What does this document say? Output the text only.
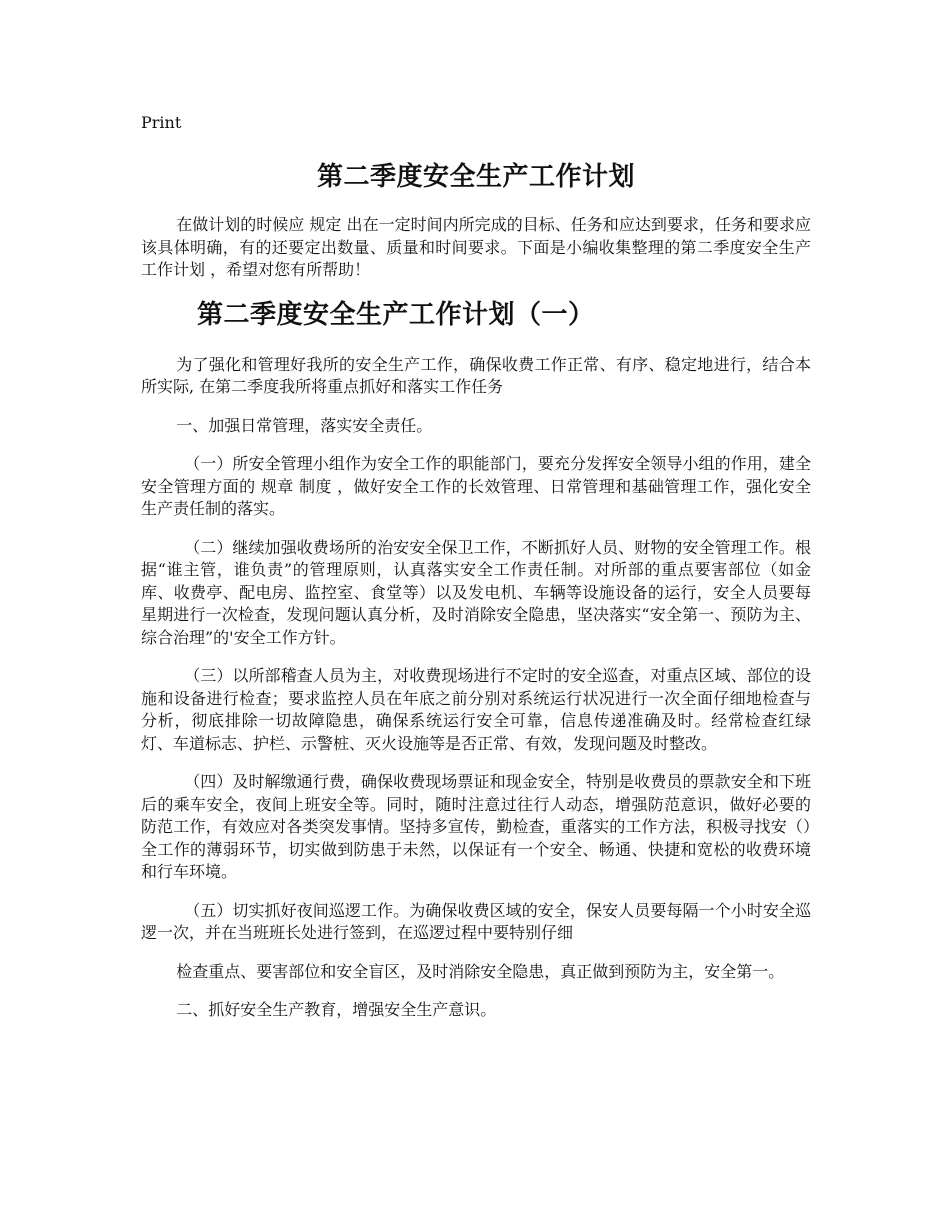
Print
第二季度安全生产工作计划

在做计划的时候应 规定 出在一定时间内所完成的目标、任务和应达到要求，任务和要求应该具体明确，有的还要定出数量、质量和时间要求。下面是小编收集整理的第二季度安全生产 工作计划 ，希望对您有所帮助！

第二季度安全生产工作计划（一）

为了强化和管理好我所的安全生产工作，确保收费工作正常、有序、稳定地进行，结合本所实际, 在第二季度我所将重点抓好和落实工作任务

一、加强日常管理，落实安全责任。

（一）所安全管理小组作为安全工作的职能部门，要充分发挥安全领导小组的作用，建全安全管理方面的 规章 制度 ，做好安全工作的长效管理、日常管理和基础管理工作，强化安全生产责任制的落实。

（二）继续加强收费场所的治安安全保卫工作，不断抓好人员、财物的安全管理工作。根据“谁主管，谁负责”的管理原则，认真落实安全工作责任制。对所部的重点要害部位（如金库、收费亭、配电房、监控室、食堂等）以及发电机、车辆等设施设备的运行，安全人员要每星期进行一次检查，发现问题认真分析，及时消除安全隐患，坚决落实“安全第一、预防为主、综合治理”的'安全工作方针。

（三）以所部稽查人员为主，对收费现场进行不定时的安全巡查，对重点区域、部位的设施和设备进行检查；要求监控人员在年底之前分别对系统运行状况进行一次全面仔细地检查与分析，彻底排除一切故障隐患，确保系统运行安全可靠，信息传递准确及时。经常检查红绿灯、车道标志、护栏、示警桩、灭火设施等是否正常、有效，发现问题及时整改。

（四）及时解缴通行费，确保收费现场票证和现金安全，特别是收费员的票款安全和下班后的乘车安全，夜间上班安全等。同时，随时注意过往行人动态，增强防范意识，做好必要的防范工作，有效应对各类突发事情。坚持多宣传，勤检查，重落实的工作方法，积极寻找安（）全工作的薄弱环节，切实做到防患于未然，以保证有一个安全、畅通、快捷和宽松的收费环境和行车环境。

（五）切实抓好夜间巡逻工作。为确保收费区域的安全，保安人员要每隔一个小时安全巡逻一次，并在当班班长处进行签到，在巡逻过程中要特别仔细

检查重点、要害部位和安全盲区，及时消除安全隐患，真正做到预防为主，安全第一。

二、抓好安全生产教育，增强安全生产意识。
